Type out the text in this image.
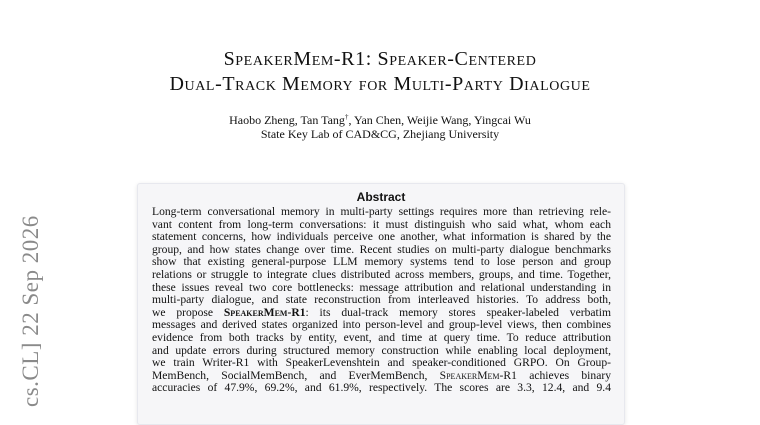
SpeakerMem-R1: Speaker-Centered
Dual-Track Memory for Multi-Party Dialogue
Haobo Zheng, Tan Tang†, Yan Chen, Weijie Wang, Yingcai Wu
State Key Lab of CAD&CG, Zhejiang University
cs.CL] 22 Sep 2026
Abstract
Long-term conversational memory in multi-party settings requires more than retrieving rele-
vant content from long-term conversations: it must distinguish who said what, whom each
statement concerns, how individuals perceive one another, what information is shared by the
group, and how states change over time. Recent studies on multi-party dialogue benchmarks
show that existing general-purpose LLM memory systems tend to lose person and group
relations or struggle to integrate clues distributed across members, groups, and time. Together,
these issues reveal two core bottlenecks: message attribution and relational understanding in
multi-party dialogue, and state reconstruction from interleaved histories. To address both,
we propose SpeakerMem-R1: its dual-track memory stores speaker-labeled verbatim
messages and derived states organized into person-level and group-level views, then combines
evidence from both tracks by entity, event, and time at query time. To reduce attribution
and update errors during structured memory construction while enabling local deployment,
we train Writer-R1 with SpeakerLevenshtein and speaker-conditioned GRPO. On Group-
MemBench, SocialMemBench, and EverMemBench, SpeakerMem-R1 achieves binary
accuracies of 47.9%, 69.2%, and 61.9%, respectively. The scores are 3.3, 12.4, and 9.4
